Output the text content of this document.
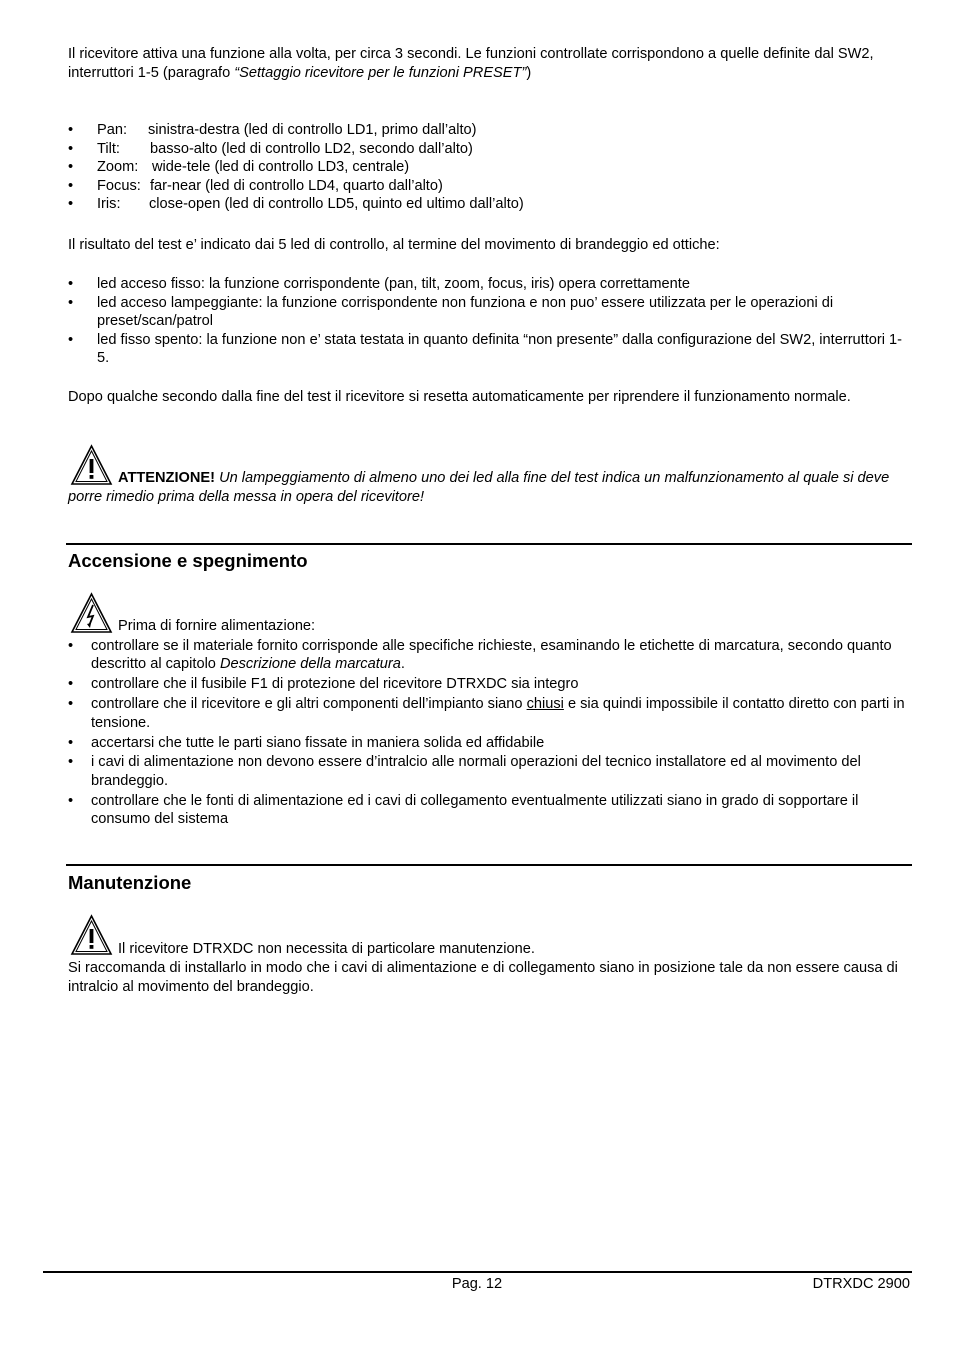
Il ricevitore attiva una funzione alla volta, per circa 3 secondi. Le funzioni controllate corrispondono a quelle definite dal SW2, interruttori 1-5 (paragrafo “Settaggio ricevitore per le funzioni PRESET”)

•	Pan: sinistra-destra (led di controllo LD1, primo dall’alto)
•	Tilt: basso-alto (led di controllo LD2, secondo dall’alto)
•	Zoom: wide-tele (led di controllo LD3, centrale)
•	Focus: far-near (led di controllo LD4, quarto dall’alto)
•	Iris: close-open (led di controllo LD5, quinto ed ultimo dall’alto)

Il risultato del test e’ indicato dai 5 led di controllo, al termine del movimento di brandeggio ed ottiche:

•	led acceso fisso: la funzione corrispondente (pan, tilt, zoom, focus, iris) opera correttamente
•	led acceso lampeggiante: la funzione corrispondente non funziona e non puo’ essere utilizzata per le operazioni di preset/scan/patrol
•	led fisso spento: la funzione non e’ stata testata in quanto definita “non presente” dalla configurazione del SW2, interruttori 1-5.

Dopo qualche secondo dalla fine del test il ricevitore si resetta automaticamente per riprendere il funzionamento normale.

ATTENZIONE! Un lampeggiamento di almeno uno dei led alla fine del test indica un malfunzionamento al quale si deve porre rimedio prima della messa in opera del ricevitore!

Accensione e spegnimento
Prima di fornire alimentazione:
•	controllare se il materiale fornito corrisponde alle specifiche richieste, esaminando le etichette di marcatura, secondo quanto descritto al capitolo Descrizione della marcatura.
•	controllare che il fusibile F1 di protezione del ricevitore DTRXDC sia integro
•	controllare che il ricevitore e gli altri componenti dell’impianto siano chiusi e sia quindi impossibile il contatto diretto con parti in tensione.
•	accertarsi che tutte le parti siano fissate in maniera solida ed affidabile
•	i cavi di alimentazione non devono essere d’intralcio alle normali operazioni del tecnico installatore ed al movimento del brandeggio.
•	controllare che le fonti di alimentazione ed i cavi di collegamento eventualmente utilizzati siano in grado di sopportare il consumo del sistema
Manutenzione
Il ricevitore DTRXDC non necessita di particolare manutenzione.

Si raccomanda di installarlo in modo che i cavi di alimentazione e di collegamento siano in posizione tale da non essere causa di intralcio al movimento del brandeggio.

Pag. 12	DTRXDC 2900
